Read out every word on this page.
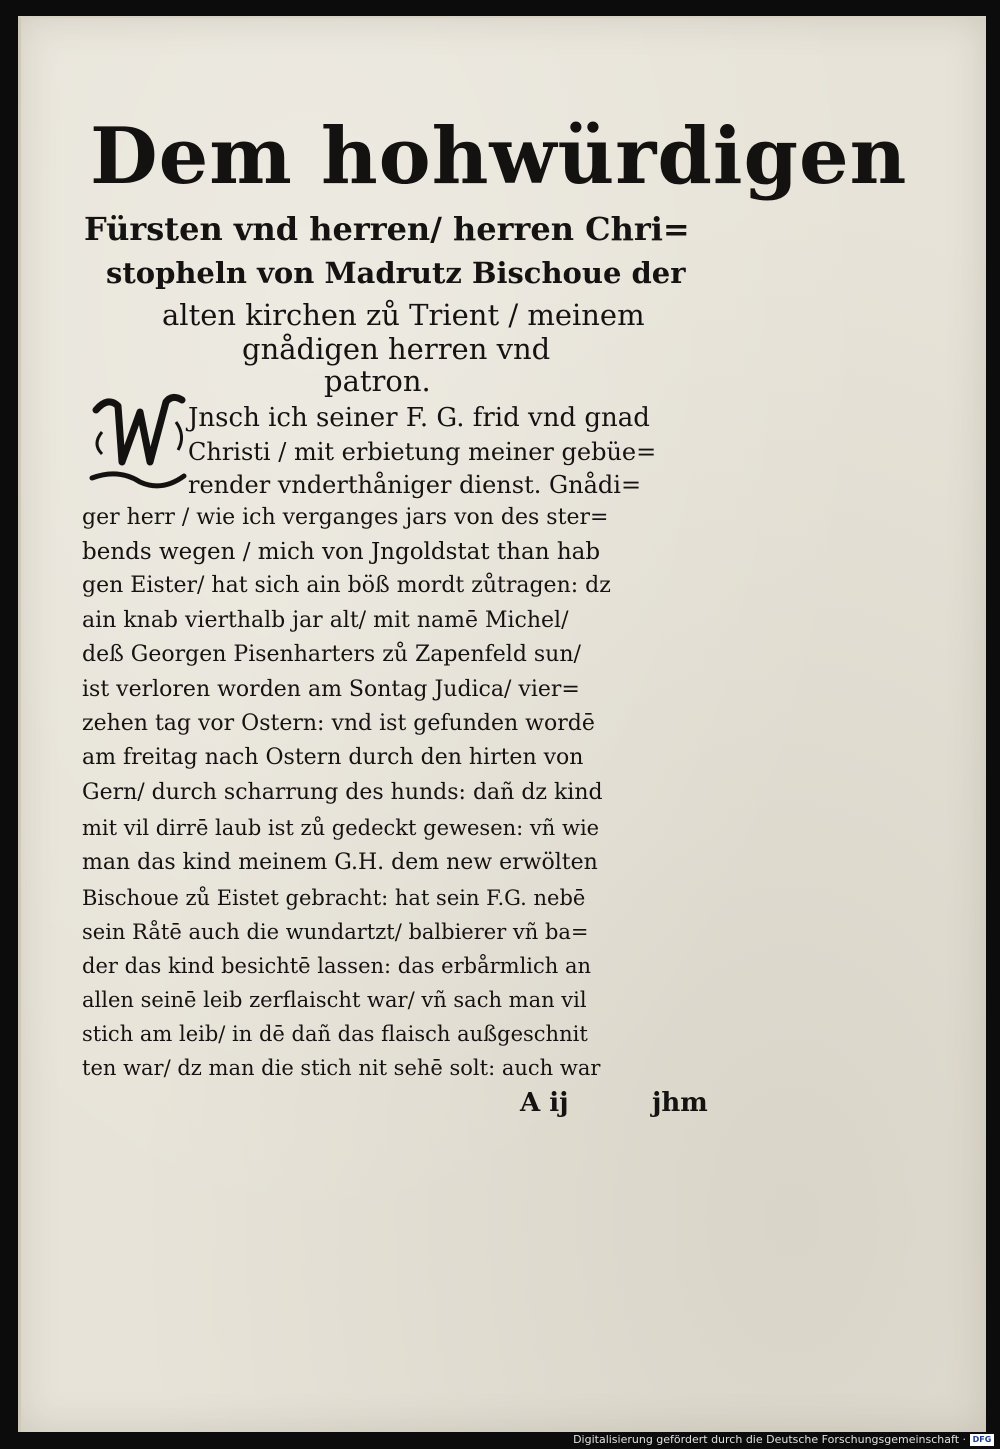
Dem hohwürdigen
Fürsten vnd herren/ herren Chri=
stopheln von Madrutz Bischoue der
alten kirchen zů Trient / meinem
gnådigen herren vnd
patron.
W
Jnsch ich seiner F. G. frid vnd gnad
Christi / mit erbietung meiner gebüe=
render vnderthåniger dienst. Gnådi=
ger herr / wie ich verganges jars von des ster=
bends wegen / mich von Jngoldstat than hab
gen Eister/ hat sich ain böß mordt zůtragen: dz
ain knab vierthalb jar alt/ mit namē Michel/
deß Georgen Pisenharters zů Zapenfeld sun/
ist verloren worden am Sontag Judica/ vier=
zehen tag vor Ostern: vnd ist gefunden wordē
am freitag nach Ostern durch den hirten von
Gern/ durch scharrung des hunds: dañ dz kind
mit vil dirrē laub ist zů gedeckt gewesen: vñ wie
man das kind meinem G.H. dem new erwölten
Bischoue zů Eistet gebracht: hat sein F.G. nebē
sein Råtē auch die wundartzt/ balbierer vñ ba=
der das kind besichtē lassen: das erbårmlich an
allen seinē leib zerflaischt war/ vñ sach man vil
stich am leib/ in dē dañ das flaisch außgeschnit
ten war/ dz man die stich nit sehē solt: auch war
A ij	jhm
Digitalisierung gefördert durch die Deutsche Forschungsgemeinschaft · DFG
